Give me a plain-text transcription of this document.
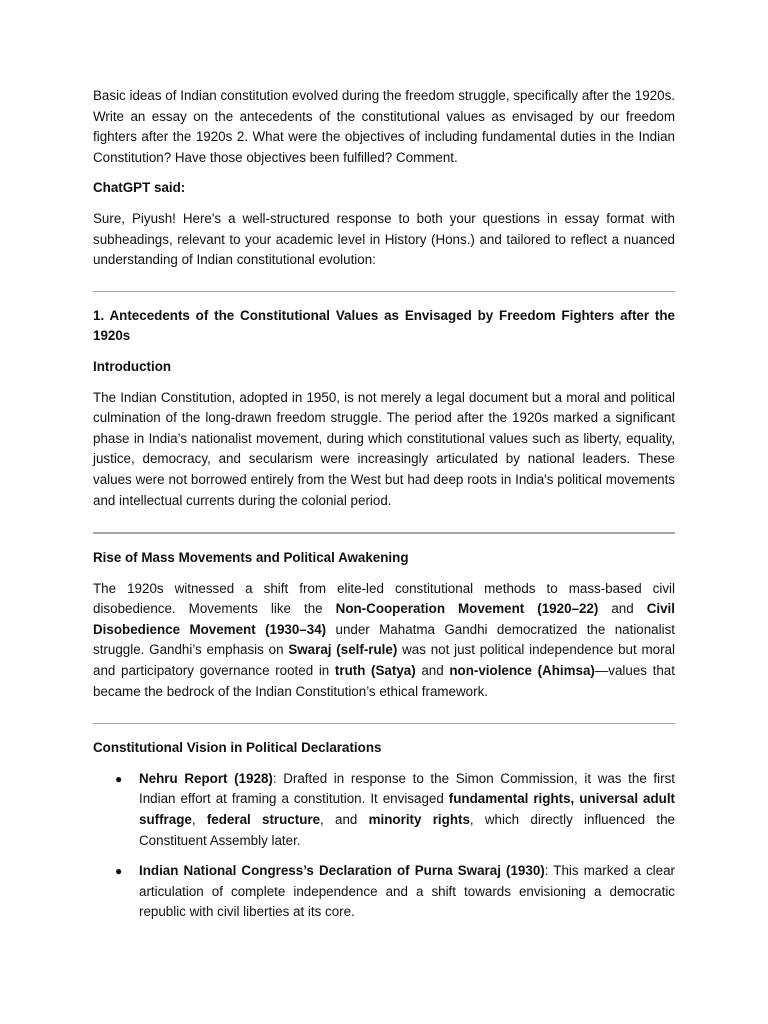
Basic ideas of Indian constitution evolved during the freedom struggle, specifically after the 1920s. Write an essay on the antecedents of the constitutional values as envisaged by our freedom fighters after the 1920s 2. What were the objectives of including fundamental duties in the Indian Constitution? Have those objectives been fulfilled? Comment.

ChatGPT said:

Sure, Piyush! Here's a well-structured response to both your questions in essay format with subheadings, relevant to your academic level in History (Hons.) and tailored to reflect a nuanced understanding of Indian constitutional evolution:

1. Antecedents of the Constitutional Values as Envisaged by Freedom Fighters after the 1920s

Introduction

The Indian Constitution, adopted in 1950, is not merely a legal document but a moral and political culmination of the long-drawn freedom struggle. The period after the 1920s marked a significant phase in India’s nationalist movement, during which constitutional values such as liberty, equality, justice, democracy, and secularism were increasingly articulated by national leaders. These values were not borrowed entirely from the West but had deep roots in India's political movements and intellectual currents during the colonial period.

Rise of Mass Movements and Political Awakening

The 1920s witnessed a shift from elite-led constitutional methods to mass-based civil disobedience. Movements like the Non-Cooperation Movement (1920–22) and Civil Disobedience Movement (1930–34) under Mahatma Gandhi democratized the nationalist struggle. Gandhi’s emphasis on Swaraj (self-rule) was not just political independence but moral and participatory governance rooted in truth (Satya) and non-violence (Ahimsa)—values that became the bedrock of the Indian Constitution’s ethical framework.

Constitutional Vision in Political Declarations

● Nehru Report (1928): Drafted in response to the Simon Commission, it was the first Indian effort at framing a constitution. It envisaged fundamental rights, universal adult suffrage, federal structure, and minority rights, which directly influenced the Constituent Assembly later.
● Indian National Congress’s Declaration of Purna Swaraj (1930): This marked a clear articulation of complete independence and a shift towards envisioning a democratic republic with civil liberties at its core.
